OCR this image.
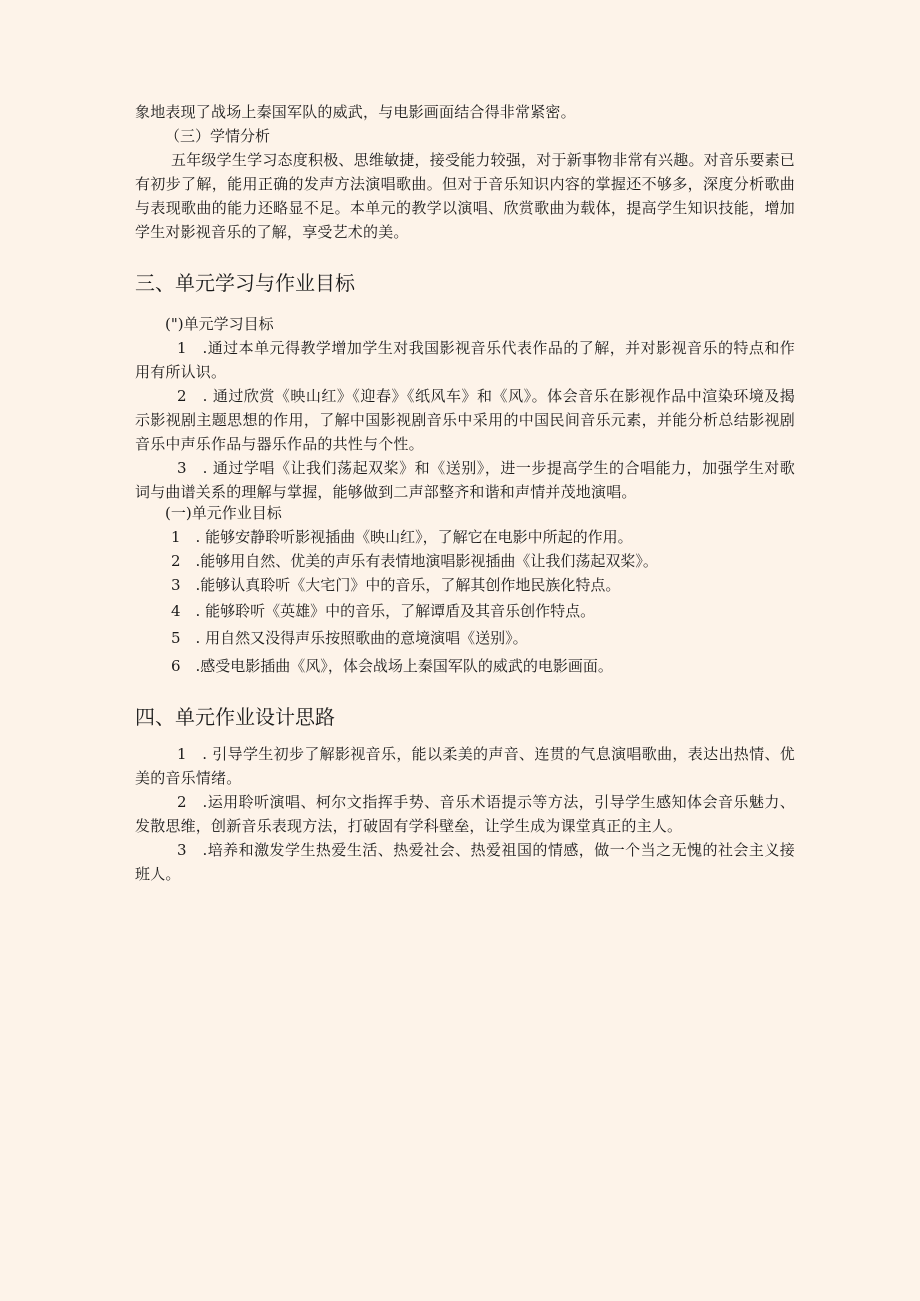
象地表现了战场上秦国军队的威武，与电影画面结合得非常紧密。
（三）学情分析
五年级学生学习态度积极、思维敏捷，接受能力较强，对于新事物非常有兴趣。对音乐要素已有初步了解，能用正确的发声方法演唱歌曲。但对于音乐知识内容的掌握还不够多，深度分析歌曲与表现歌曲的能力还略显不足。本单元的教学以演唱、欣赏歌曲为载体，提高学生知识技能，增加学生对影视音乐的了解，享受艺术的美。
三、单元学习与作业目标
(")单元学习目标
1　.通过本单元得教学增加学生对我国影视音乐代表作品的了解，并对影视音乐的特点和作用有所认识。
2　. 通过欣赏《映山红》《迎春》《纸风车》和《风》。体会音乐在影视作品中渲染环境及揭示影视剧主题思想的作用，了解中国影视剧音乐中采用的中国民间音乐元素，并能分析总结影视剧音乐中声乐作品与器乐作品的共性与个性。
3　. 通过学唱《让我们荡起双桨》和《送别》，进一步提高学生的合唱能力，加强学生对歌词与曲谱关系的理解与掌握，能够做到二声部整齐和谐和声情并茂地演唱。
(一)单元作业目标
1　. 能够安静聆听影视插曲《映山红》，了解它在电影中所起的作用。
2　.能够用自然、优美的声乐有表情地演唱影视插曲《让我们荡起双桨》。
3　.能够认真聆听《大宅门》中的音乐，了解其创作地民族化特点。
4　. 能够聆听《英雄》中的音乐，了解谭盾及其音乐创作特点。
5　. 用自然又没得声乐按照歌曲的意境演唱《送别》。
6　.感受电影插曲《风》，体会战场上秦国军队的威武的电影画面。
四、单元作业设计思路
1　. 引导学生初步了解影视音乐，能以柔美的声音、连贯的气息演唱歌曲，表达出热情、优美的音乐情绪。
2　.运用聆听演唱、柯尔文指挥手势、音乐术语提示等方法，引导学生感知体会音乐魅力、发散思维，创新音乐表现方法，打破固有学科壁垒，让学生成为课堂真正的主人。
3　.培养和激发学生热爱生活、热爱社会、热爱祖国的情感，做一个当之无愧的社会主义接班人。
